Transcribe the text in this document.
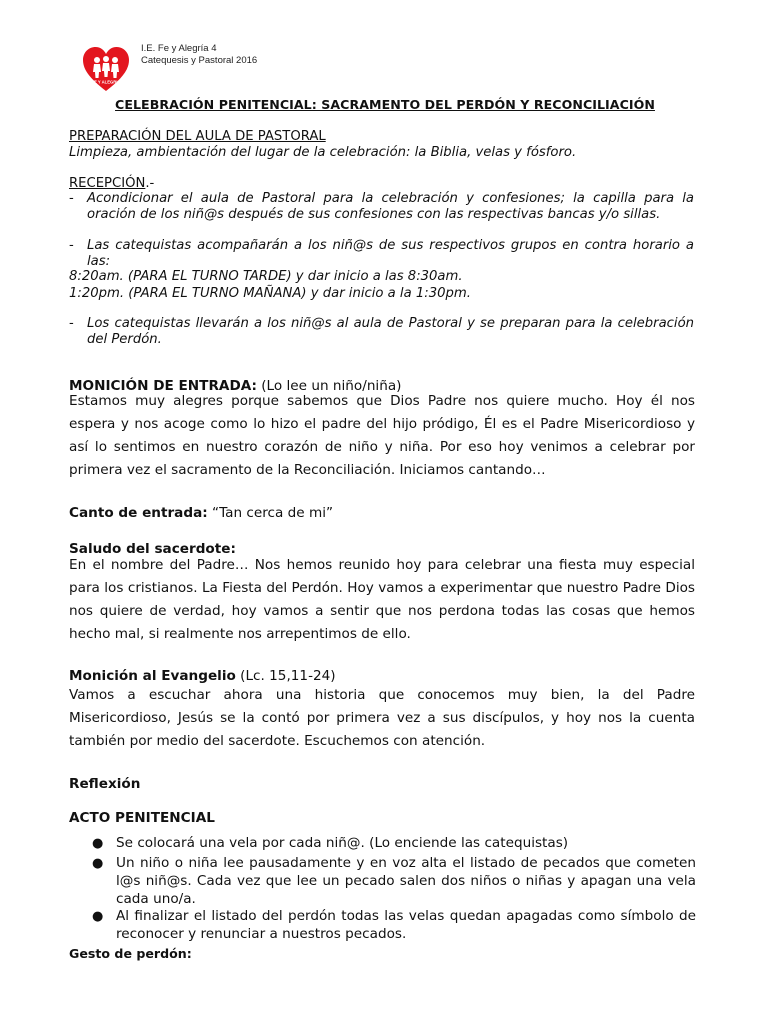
FE Y ALEGRIA
I.E. Fe y Alegría 4
Catequesis y Pastoral 2016
CELEBRACIÓN PENITENCIAL: SACRAMENTO DEL PERDÓN Y RECONCILIACIÓN
PREPARACIÓN DEL AULA DE PASTORAL
Limpieza, ambientación del lugar de la celebración: la Biblia, velas y fósforo.
RECEPCIÓN.-
- Acondicionar el aula de Pastoral para la celebración y confesiones; la capilla para la oración de los niñ@s después de sus confesiones con las respectivas bancas y/o sillas.
- Las catequistas acompañarán a los niñ@s de sus respectivos grupos en contra horario a las:
8:20am. (PARA EL TURNO TARDE) y dar inicio a las 8:30am.
1:20pm. (PARA EL TURNO MAÑANA) y dar inicio a la 1:30pm.
- Los catequistas llevarán a los niñ@s al aula de Pastoral y se preparan para la celebración del Perdón.
MONICIÓN DE ENTRADA: (Lo lee un niño/niña)
Estamos muy alegres porque sabemos que Dios Padre nos quiere mucho. Hoy él nos espera y nos acoge como lo hizo el padre del hijo pródigo, Él es el Padre Misericordioso y así lo sentimos en nuestro corazón de niño y niña. Por eso hoy venimos a celebrar por primera vez el sacramento de la Reconciliación. Iniciamos cantando…
Canto de entrada: “Tan cerca de mi”
Saludo del sacerdote:
En el nombre del Padre… Nos hemos reunido hoy para celebrar una fiesta muy especial para los cristianos. La Fiesta del Perdón. Hoy vamos a experimentar que nuestro Padre Dios nos quiere de verdad, hoy vamos a sentir que nos perdona todas las cosas que hemos hecho mal, si realmente nos arrepentimos de ello.
Monición al Evangelio (Lc. 15,11-24)
Vamos a escuchar ahora una historia que conocemos muy bien, la del Padre Misericordioso, Jesús se la contó por primera vez a sus discípulos, y hoy nos la cuenta también por medio del sacerdote. Escuchemos con atención.
Reflexión
ACTO PENITENCIAL
● Se colocará una vela por cada niñ@. (Lo enciende las catequistas)
● Un niño o niña lee pausadamente y en voz alta el listado de pecados que cometen l@s niñ@s. Cada vez que lee un pecado salen dos niños o niñas y apagan una vela cada uno/a.
● Al finalizar el listado del perdón todas las velas quedan apagadas como símbolo de reconocer y renunciar a nuestros pecados.
Gesto de perdón:
